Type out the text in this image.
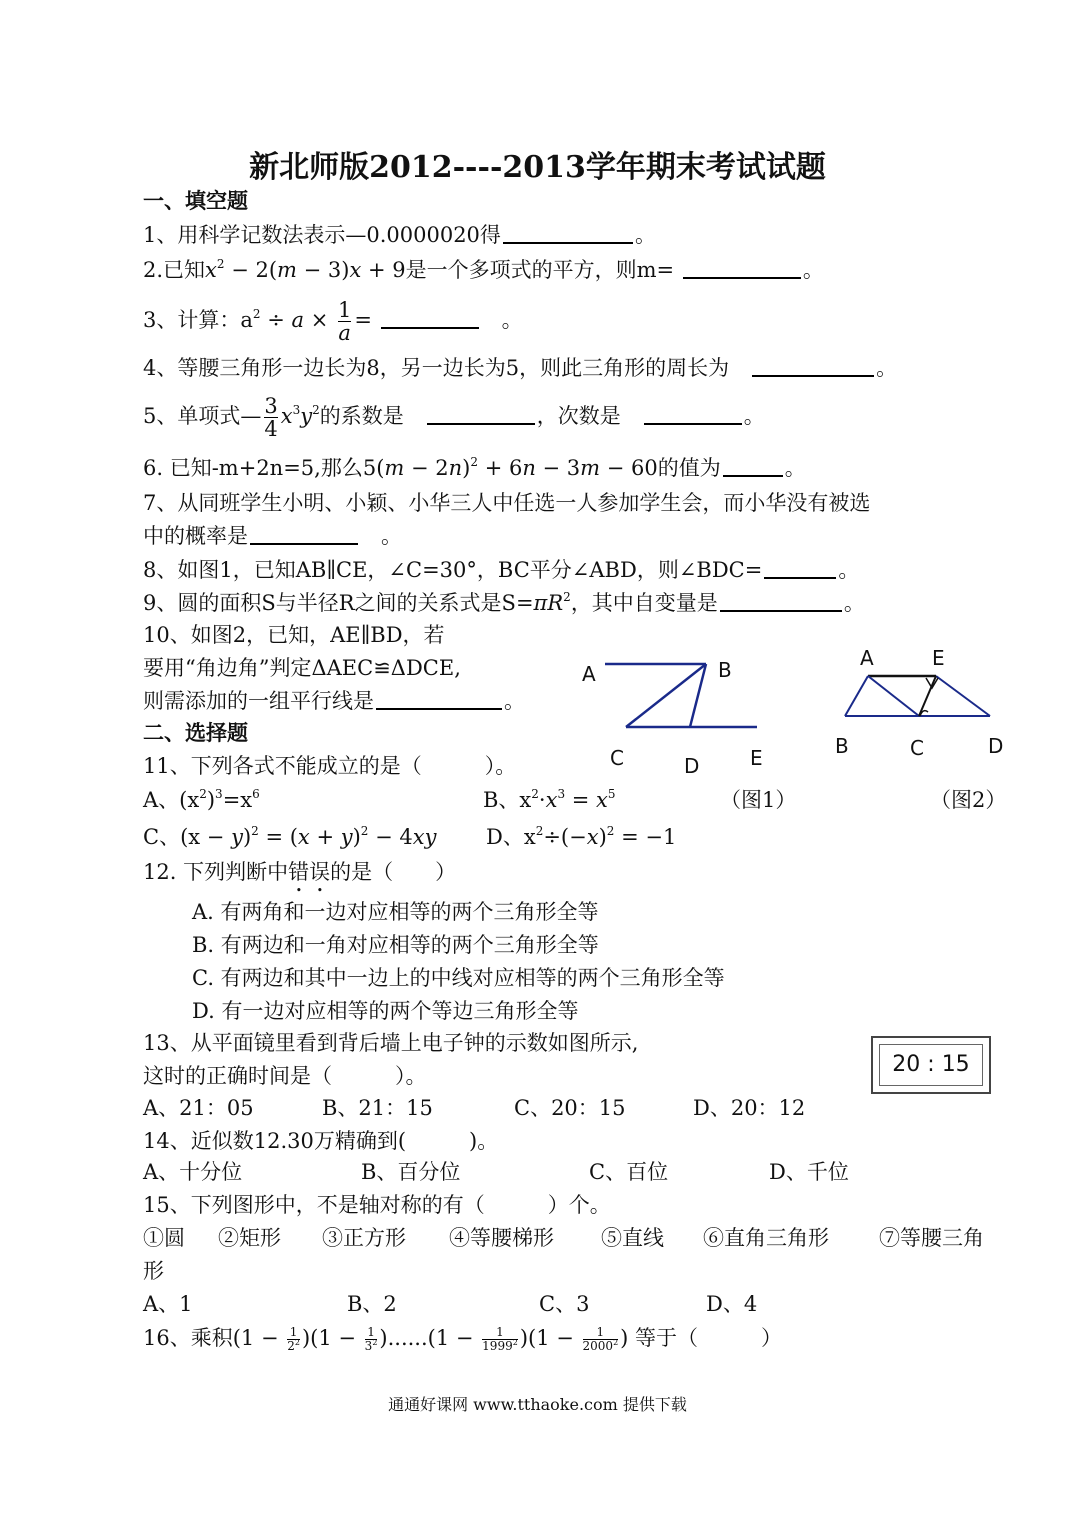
新北师版2012----2013学年期末考试试题
一、填空题
1、用科学记数法表示—0.0000020得	。
2.已知$x^2 - 2(m - 3)x + 9$是一个多项式的平方，则m=	。
3、计算：$a^2 \div a \times \frac{1}{a}$ = 　	。
4、等腰三角形一边长为8，另一边长为5，则此三角形的周长为　	。
5、单项式— $\frac{3}{4} x^3y^2$的系数是　	，次数是　	。
6. 已知-m+2n=5,那么$5(m - 2n)^2 + 6n - 3m - 60$的值为	。
7、从同班学生小明、小颖、小华三人中任选一人参加学生会，而小华没有被选
中的概率是　	。
8、如图1，已知AB∥CE，∠C=30°，BC平分∠ABD，则∠BDC=	。
9、圆的面积S与半径R之间的关系式是$S=\pi R^2$，其中自变量是	。
10、如图2，已知，AE∥BD，若
要用“角边角”判定ΔAEC≌ΔDCE,
则需添加的一组平行线是	。
A	B
C	D	E
A	E
B	C	D
二、选择题
11、下列各式不能成立的是（　　　）。
A、$(x^2)^3=x^6$	B、$x^2\cdot x^3 = x^5$	（图1）	（图2）
C、$(x - y)^2 = (x + y)^2 - 4xy$ D、$x^2\div(-x)^2 = -1$
12. 下列判断中错误的是（　　）
A. 有两角和一边对应相等的两个三角形全等
B. 有两边和一角对应相等的两个三角形全等
C. 有两边和其中一边上的中线对应相等的两个三角形全等
D. 有一边对应相等的两个等边三角形全等
13、从平面镜里看到背后墙上电子钟的示数如图所示,
这时的正确时间是（　　　）。	20 : 15
A、21：05	B、21：15	C、20：15	D、20：12
14、近似数12.30万精确到(　　　)。
A、十分位	B、百分位	C、百位	D、千位
15、下列图形中，不是轴对称的有（　　　）个。
①圆 ②矩形 ③正方形 ④等腰梯形 ⑤直线 ⑥直角三角形 ⑦等腰三角
形
A、1	B、2	C、3	D、4
16、乘积$(1 - \frac{1}{2^2} )(1 - \frac{1}{3^2} )......(1 - \frac{1}{1999^2} )(1 - \frac{1}{2000^2}$ ) 等于（　　　）
通通好课网 www.tthaoke.com 提供下载
